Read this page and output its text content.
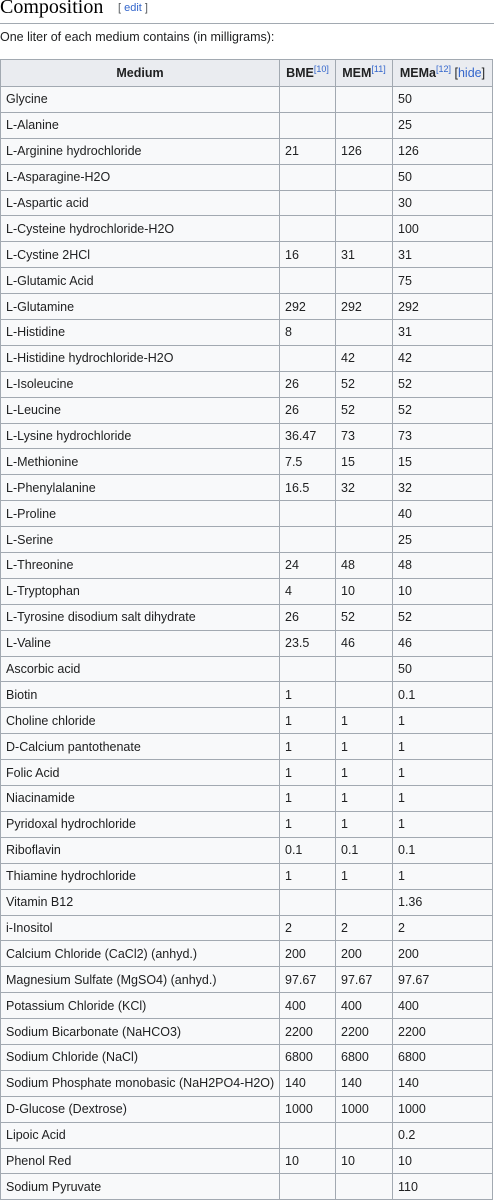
Composition [ edit ]
One liter of each medium contains (in milligrams):
Medium	BME[10]	MEM[11]	MEMa[12] [hide]
Glycine			50
L-Alanine			25
L-Arginine hydrochloride	21	126	126
L-Asparagine-H2O			50
L-Aspartic acid			30
L-Cysteine hydrochloride-H2O			100
L-Cystine 2HCl	16	31	31
L-Glutamic Acid			75
L-Glutamine	292	292	292
L-Histidine	8		31
L-Histidine hydrochloride-H2O		42	42
L-Isoleucine	26	52	52
L-Leucine	26	52	52
L-Lysine hydrochloride	36.47	73	73
L-Methionine	7.5	15	15
L-Phenylalanine	16.5	32	32
L-Proline			40
L-Serine			25
L-Threonine	24	48	48
L-Tryptophan	4	10	10
L-Tyrosine disodium salt dihydrate	26	52	52
L-Valine	23.5	46	46
Ascorbic acid			50
Biotin	1		0.1
Choline chloride	1	1	1
D-Calcium pantothenate	1	1	1
Folic Acid	1	1	1
Niacinamide	1	1	1
Pyridoxal hydrochloride	1	1	1
Riboflavin	0.1	0.1	0.1
Thiamine hydrochloride	1	1	1
Vitamin B12			1.36
i-Inositol	2	2	2
Calcium Chloride (CaCl2) (anhyd.)	200	200	200
Magnesium Sulfate (MgSO4) (anhyd.)	97.67	97.67	97.67
Potassium Chloride (KCl)	400	400	400
Sodium Bicarbonate (NaHCO3)	2200	2200	2200
Sodium Chloride (NaCl)	6800	6800	6800
Sodium Phosphate monobasic (NaH2PO4-H2O)	140	140	140
D-Glucose (Dextrose)	1000	1000	1000
Lipoic Acid			0.2
Phenol Red	10	10	10
Sodium Pyruvate			110
